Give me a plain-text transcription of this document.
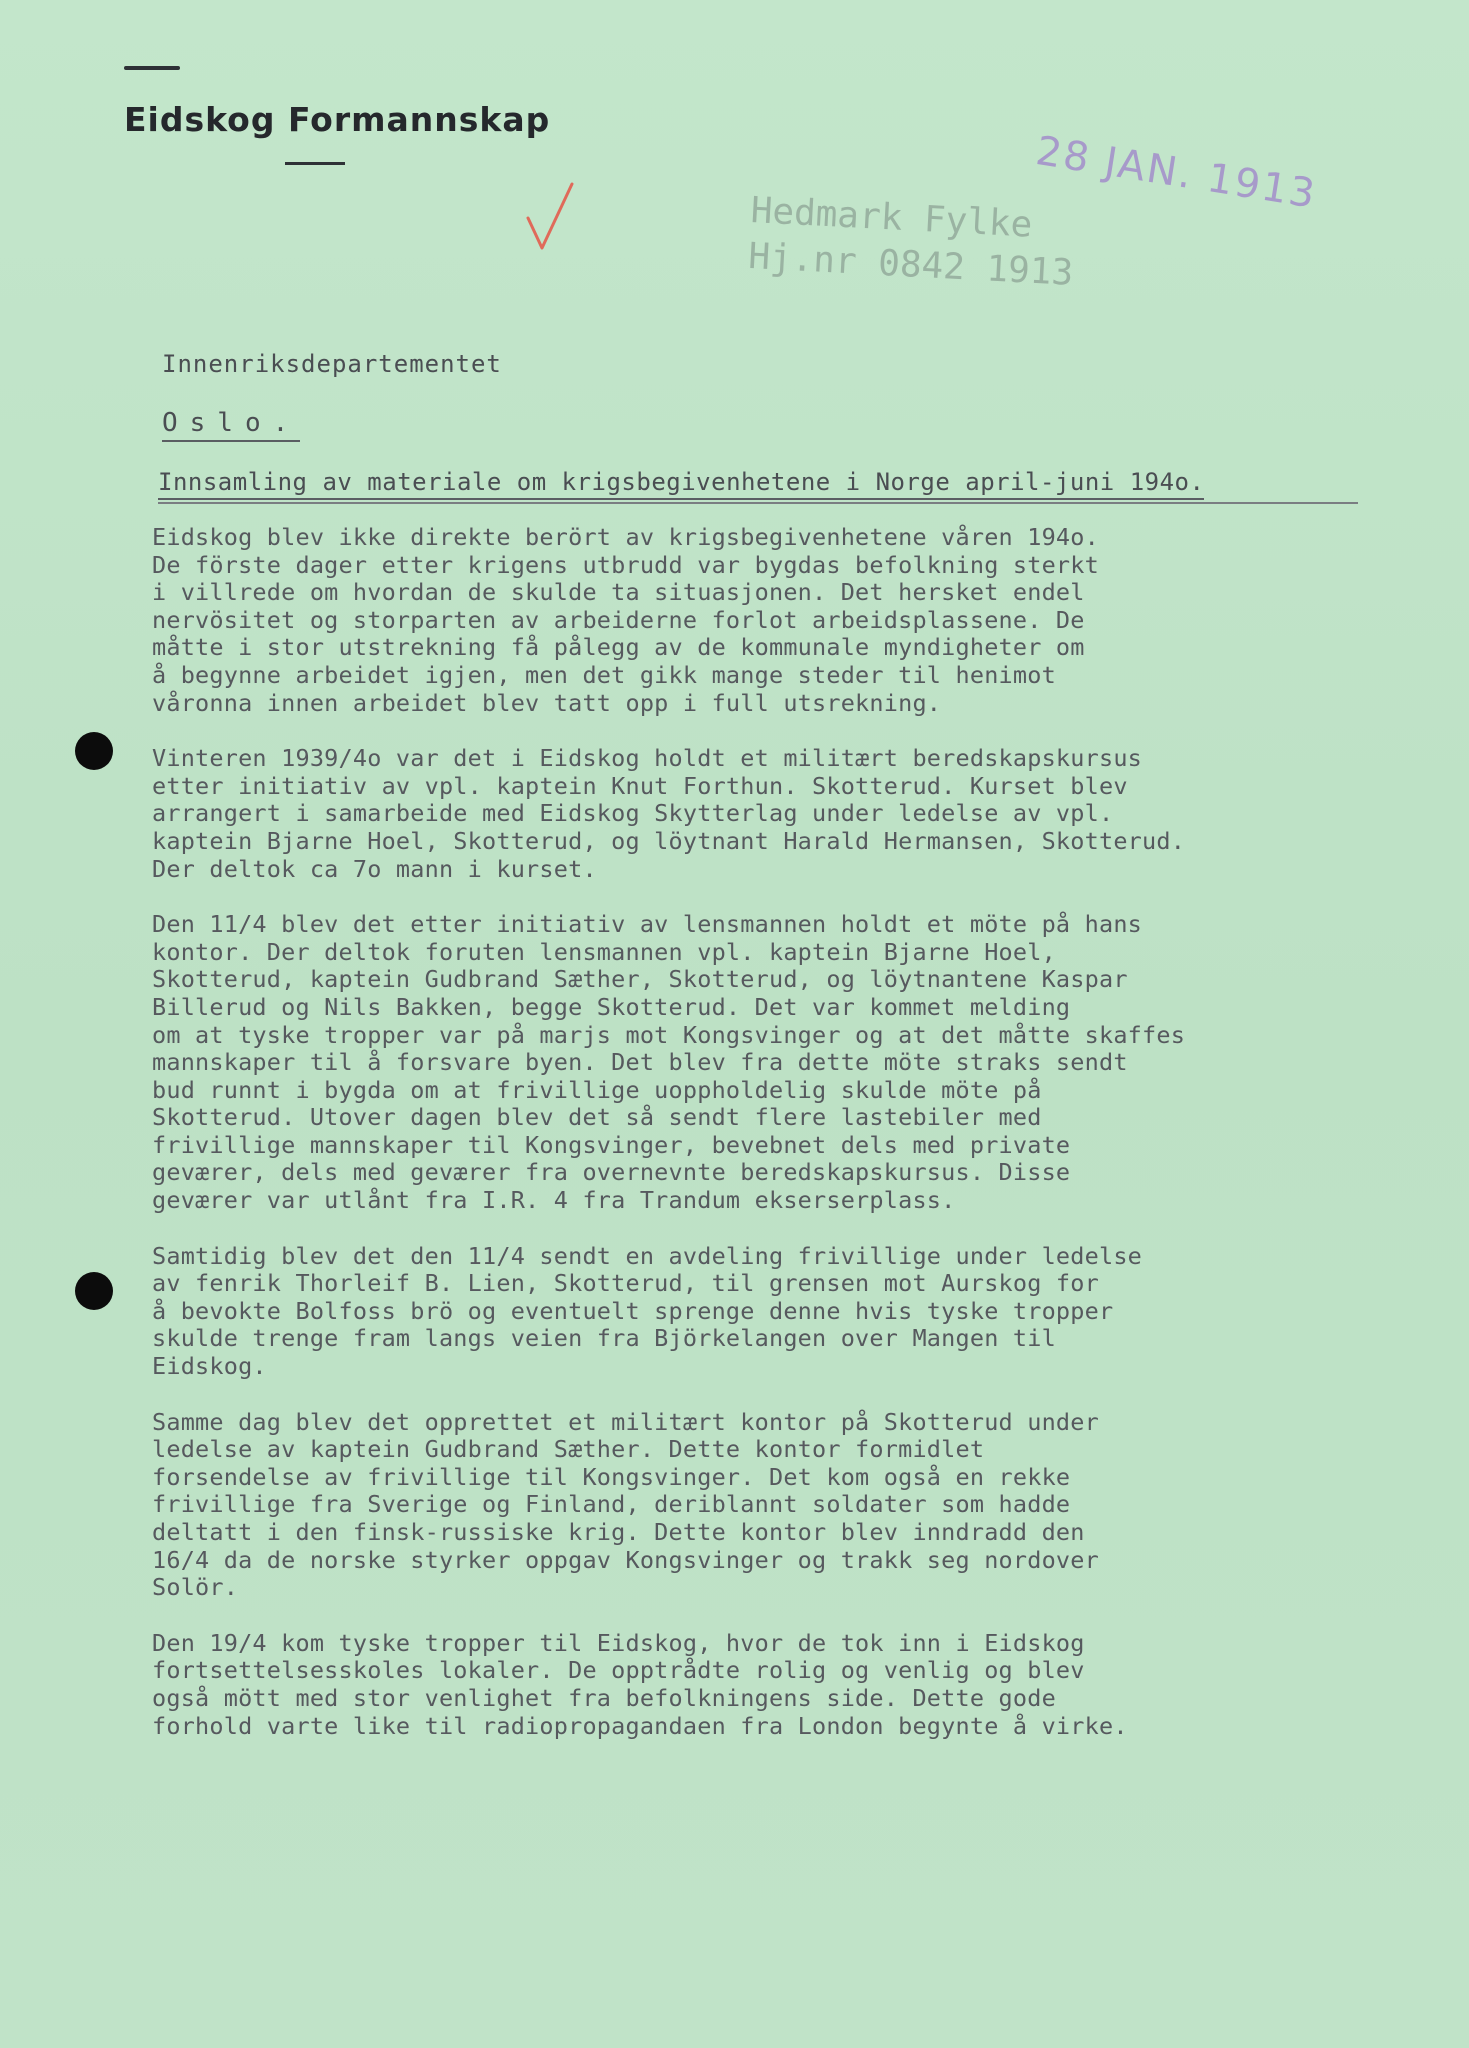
Eidskog Formannskap
28 JAN. 1913
Hedmark Fylke
Hj.nr 0842 1913
Innenriksdepartementet
Oslo.
Innsamling av materiale om krigsbegivenhetene i Norge april-juni 194o.
Eidskog blev ikke direkte berört av krigsbegivenhetene våren 194o.
De förste dager etter krigens utbrudd var bygdas befolkning sterkt
i villrede om hvordan de skulde ta situasjonen. Det hersket endel
nervösitet og storparten av arbeiderne forlot arbeidsplassene. De
måtte i stor utstrekning få pålegg av de kommunale myndigheter om
å begynne arbeidet igjen, men det gikk mange steder til henimot
våronna innen arbeidet blev tatt opp i full utsrekning.
Vinteren 1939/4o var det i Eidskog holdt et militært beredskapskursus
etter initiativ av vpl. kaptein Knut Forthun. Skotterud. Kurset blev
arrangert i samarbeide med Eidskog Skytterlag under ledelse av vpl.
kaptein Bjarne Hoel, Skotterud, og löytnant Harald Hermansen, Skotterud.
Der deltok ca 7o mann i kurset.
Den 11/4 blev det etter initiativ av lensmannen holdt et möte på hans
kontor. Der deltok foruten lensmannen vpl. kaptein Bjarne Hoel,
Skotterud, kaptein Gudbrand Sæther, Skotterud, og löytnantene Kaspar
Billerud og Nils Bakken, begge Skotterud. Det var kommet melding
om at tyske tropper var på marjs mot Kongsvinger og at det måtte skaffes
mannskaper til å forsvare byen. Det blev fra dette möte straks sendt
bud runnt i bygda om at frivillige uoppholdelig skulde möte på
Skotterud. Utover dagen blev det så sendt flere lastebiler med
frivillige mannskaper til Kongsvinger, bevebnet dels med private
geværer, dels med geværer fra overnevnte beredskapskursus. Disse
geværer var utlånt fra I.R. 4 fra Trandum ekserserplass.
Samtidig blev det den 11/4 sendt en avdeling frivillige under ledelse
av fenrik Thorleif B. Lien, Skotterud, til grensen mot Aurskog for
å bevokte Bolfoss brö og eventuelt sprenge denne hvis tyske tropper
skulde trenge fram langs veien fra Björkelangen over Mangen til
Eidskog.
Samme dag blev det opprettet et militært kontor på Skotterud under
ledelse av kaptein Gudbrand Sæther. Dette kontor formidlet
forsendelse av frivillige til Kongsvinger. Det kom også en rekke
frivillige fra Sverige og Finland, deriblannt soldater som hadde
deltatt i den finsk-russiske krig. Dette kontor blev inndradd den
16/4 da de norske styrker oppgav Kongsvinger og trakk seg nordover
Solör.
Den 19/4 kom tyske tropper til Eidskog, hvor de tok inn i Eidskog
fortsettelsesskoles lokaler. De opptrådte rolig og venlig og blev
også mött med stor venlighet fra befolkningens side. Dette gode
forhold varte like til radiopropagandaen fra London begynte å virke.
